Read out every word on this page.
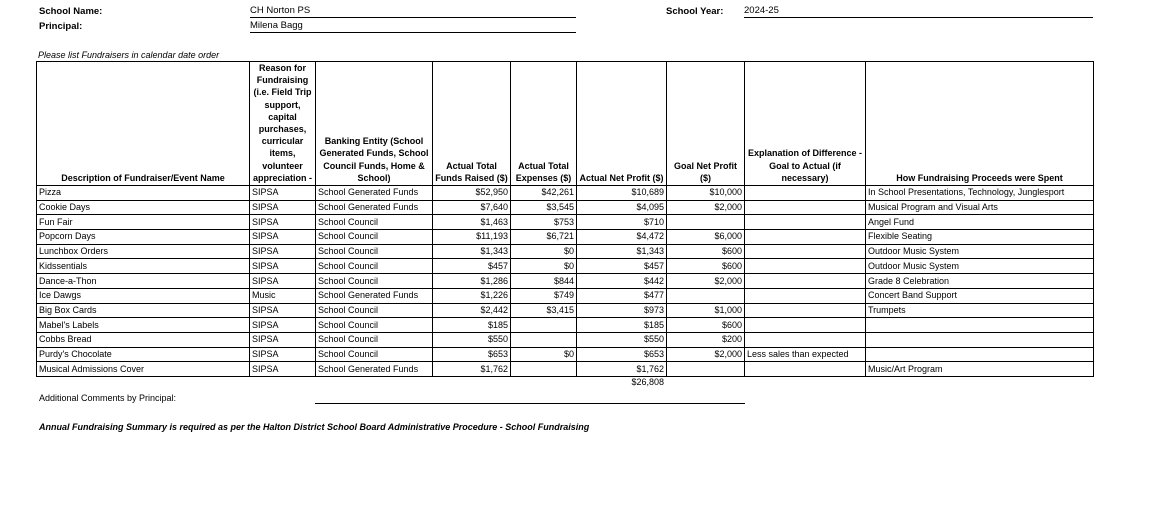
School Name:	CH Norton PS
Principal:	Milena Bagg
School Year: 2024-25
Please list Fundraisers in calendar date order
Description of Fundraiser/Event Name	Reason for Fundraising (i.e. Field Trip support, capital purchases, curricular items, volunteer appreciation -	Banking Entity (School Generated Funds, School Council Funds, Home & School)	Actual Total Funds Raised ($)	Actual Total Expenses ($)	Actual Net Profit ($)	Goal Net Profit ($)	Explanation of Difference - Goal to Actual (if necessary)	How Fundraising Proceeds were Spent
Pizza	SIPSA	School Generated Funds	$52,950	$42,261	$10,689	$10,000		In School Presentations, Technology, Junglesport
Cookie Days	SIPSA	School Generated Funds	$7,640	$3,545	$4,095	$2,000		Musical Program and Visual Arts
Fun Fair	SIPSA	School Council	$1,463	$753	$710			Angel Fund
Popcorn Days	SIPSA	School Council	$11,193	$6,721	$4,472	$6,000		Flexible Seating
Lunchbox Orders	SIPSA	School Council	$1,343	$0	$1,343	$600		Outdoor Music System
Kidssentials	SIPSA	School Council	$457	$0	$457	$600		Outdoor Music System
Dance-a-Thon	SIPSA	School Council	$1,286	$844	$442	$2,000		Grade 8 Celebration
Ice Dawgs	Music	School Generated Funds	$1,226	$749	$477			Concert Band Support
Big Box Cards	SIPSA	School Council	$2,442	$3,415	$973	$1,000		Trumpets
Mabel's Labels	SIPSA	School Council	$185		$185	$600		
Cobbs Bread	SIPSA	School Council	$550		$550	$200		
Purdy's Chocolate	SIPSA	School Council	$653	$0	$653	$2,000	Less sales than expected	
Musical Admissions Cover	SIPSA	School Generated Funds	$1,762		$1,762			Music/Art Program
$26,808
Additional Comments by Principal:
Annual Fundraising Summary is required as per the Halton District School Board Administrative Procedure - School Fundraising
